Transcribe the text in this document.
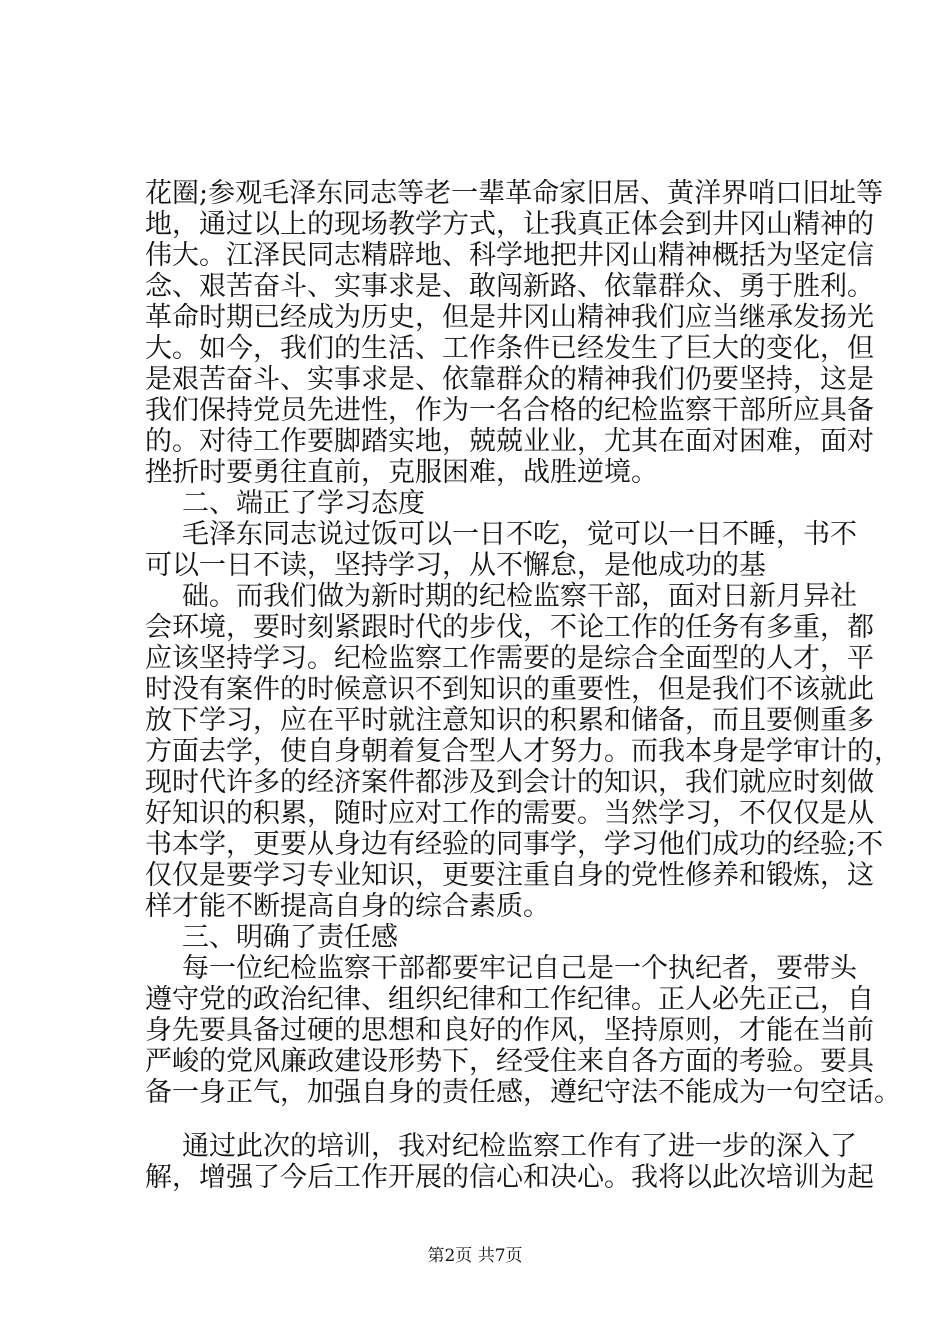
花圈;参观毛泽东同志等老一辈革命家旧居、黄洋界哨口旧址等
地，通过以上的现场教学方式，让我真正体会到井冈山精神的
伟大。江泽民同志精辟地、科学地把井冈山精神概括为坚定信
念、艰苦奋斗、实事求是、敢闯新路、依靠群众、勇于胜利。
革命时期已经成为历史，但是井冈山精神我们应当继承发扬光
大。如今，我们的生活、工作条件已经发生了巨大的变化，但
是艰苦奋斗、实事求是、依靠群众的精神我们仍要坚持，这是
我们保持党员先进性，作为一名合格的纪检监察干部所应具备
的。对待工作要脚踏实地，兢兢业业，尤其在面对困难，面对
挫折时要勇往直前，克服困难，战胜逆境。
二、端正了学习态度
毛泽东同志说过饭可以一日不吃，觉可以一日不睡，书不
可以一日不读，坚持学习，从不懈怠，是他成功的基
础。而我们做为新时期的纪检监察干部，面对日新月异社
会环境，要时刻紧跟时代的步伐，不论工作的任务有多重，都
应该坚持学习。纪检监察工作需要的是综合全面型的人才，平
时没有案件的时候意识不到知识的重要性，但是我们不该就此
放下学习，应在平时就注意知识的积累和储备，而且要侧重多
方面去学，使自身朝着复合型人才努力。而我本身是学审计的，
现时代许多的经济案件都涉及到会计的知识，我们就应时刻做
好知识的积累，随时应对工作的需要。当然学习，不仅仅是从
书本学，更要从身边有经验的同事学，学习他们成功的经验;不
仅仅是要学习专业知识，更要注重自身的党性修养和锻炼，这
样才能不断提高自身的综合素质。
三、明确了责任感
每一位纪检监察干部都要牢记自己是一个执纪者，要带头
遵守党的政治纪律、组织纪律和工作纪律。正人必先正己，自
身先要具备过硬的思想和良好的作风，坚持原则，才能在当前
严峻的党风廉政建设形势下，经受住来自各方面的考验。要具
备一身正气，加强自身的责任感，遵纪守法不能成为一句空话。
通过此次的培训，我对纪检监察工作有了进一步的深入了
解，增强了今后工作开展的信心和决心。我将以此次培训为起
第2页 共7页
